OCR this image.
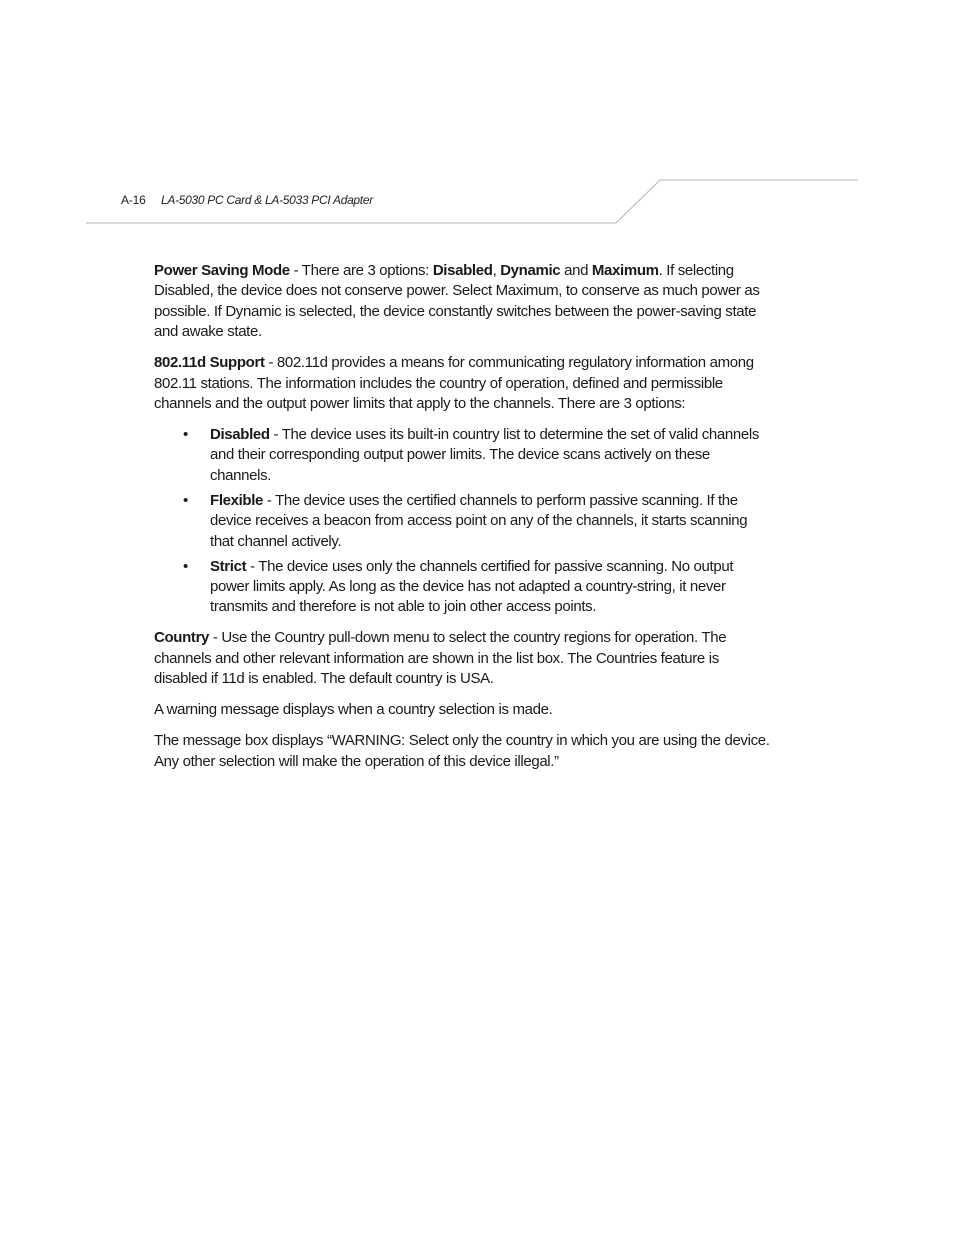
A-16 LA-5030 PC Card & LA-5033 PCI Adapter

Power Saving Mode - There are 3 options: Disabled, Dynamic and Maximum. If selecting Disabled, the device does not conserve power. Select Maximum, to conserve as much power as possible. If Dynamic is selected, the device constantly switches between the power-saving state and awake state.

802.11d Support - 802.11d provides a means for communicating regulatory information among 802.11 stations. The information includes the country of operation, defined and permissible channels and the output power limits that apply to the channels. There are 3 options:

• Disabled - The device uses its built-in country list to determine the set of valid channels and their corresponding output power limits. The device scans actively on these channels.
• Flexible - The device uses the certified channels to perform passive scanning. If the device receives a beacon from access point on any of the channels, it starts scanning that channel actively.
• Strict - The device uses only the channels certified for passive scanning. No output power limits apply. As long as the device has not adapted a country-string, it never transmits and therefore is not able to join other access points.

Country - Use the Country pull-down menu to select the country regions for operation. The channels and other relevant information are shown in the list box. The Countries feature is disabled if 11d is enabled. The default country is USA.

A warning message displays when a country selection is made.

The message box displays “WARNING: Select only the country in which you are using the device. Any other selection will make the operation of this device illegal.”
